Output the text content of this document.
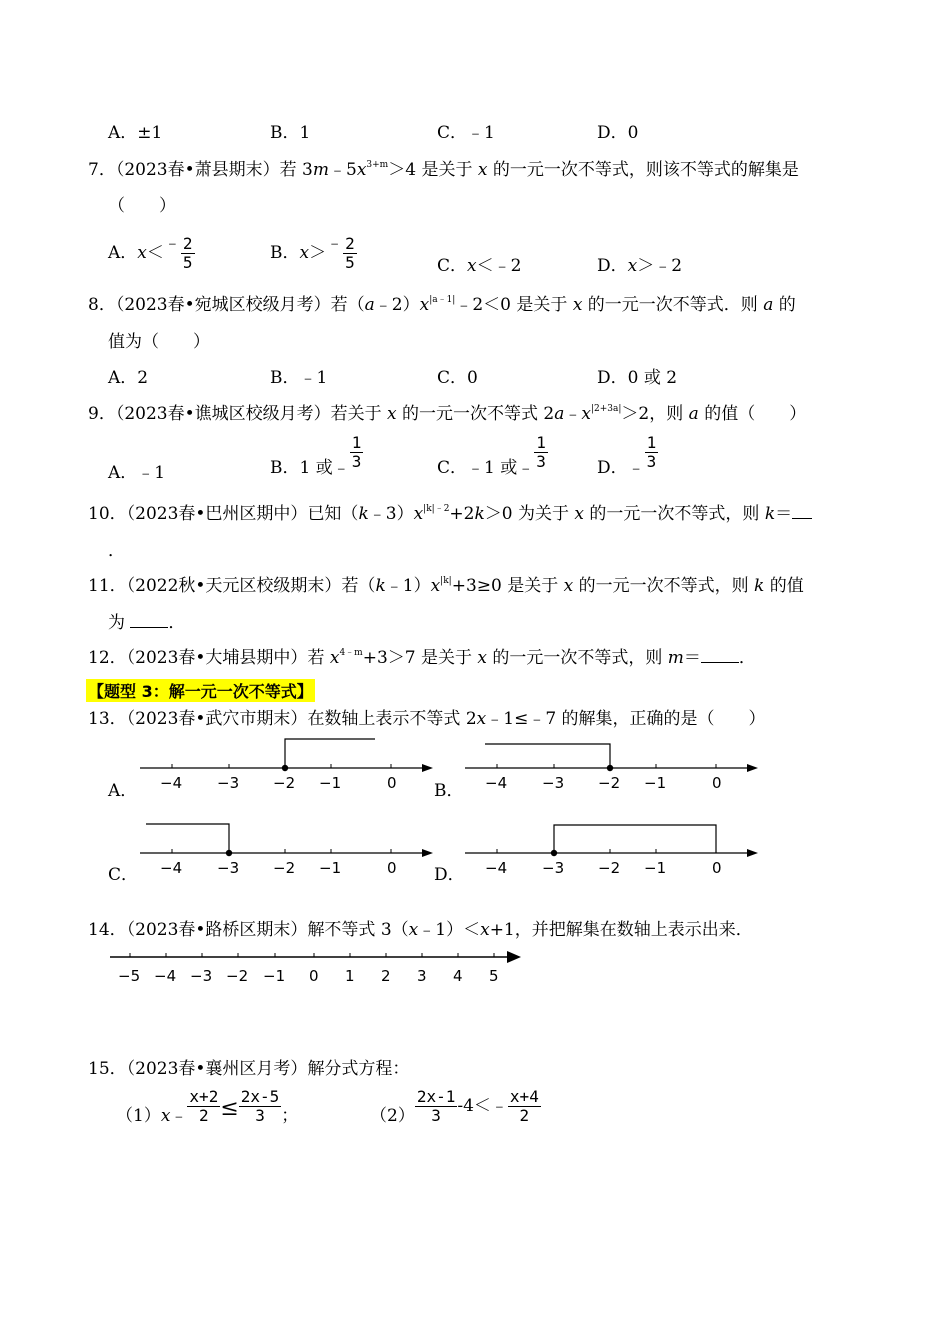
A．±1	B．1	C．﹣1	D．0
7．（2023春•萧县期末）若 $3m﹣5x^{3+m}>4$ 是关于 x 的一元一次不等式，则该不等式的解集是
（　　）
A．x＜﹣ $\frac{2}{5}$	B．x＞﹣ $\frac{2}{5}$	C．x＜﹣2	D．x＞﹣2
8．（2023春•宛城区校级月考）若$(a﹣2)x^{|a﹣1|}﹣2<0$ 是关于 x 的一元一次不等式．则 a 的
值为（　　）
A．2	B．﹣1	C．0	D．0 或 2
9．（2023春•谯城区校级月考）若关于 x 的一元一次不等式 $2a﹣x^{|2+3a|}>2$，则 a 的值（　　）
A．﹣1	B．1 或﹣ $\frac{1}{3}$	C．﹣1 或﹣ $\frac{1}{3}$	D．﹣ $\frac{1}{3}$
10．（2023春•巴州区期中）已知$(k﹣3)x^{|k|﹣2}+2k>0$ 为关于 x 的一元一次不等式，则 k＝
．
11．（2022秋•天元区校级期末）若$(k﹣1)x^{|k|}+3\ge 0$ 是关于 x 的一元一次不等式，则 k 的值
为 ．
12．（2023春•大埔县期中）若 $x^{4﹣m}+3>7$ 是关于 x 的一元一次不等式，则 m＝ ．
【题型 3：解一元一次不等式】
13．（2023春•武穴市期末）在数轴上表示不等式 2x﹣1≤﹣7 的解集，正确的是（　　）
A．	B．
C．	D．
−4 −3 −2 −1	0	−4 −3 −2 −1	0
−4 −3 −2 −1	0	−4 −3 −2 −1	0
14．（2023春•路桥区期末）解不等式 3（x﹣1）＜x+1，并把解集在数轴上表示出来．
−5 −4 −3 −2 −1 0 1 2 3 4 5
15．（2023春•襄州区月考）解分式方程：
（1）x﹣ $\frac{x+2}{2} \le \frac{2x-5}{3}$ ；	$(2) \frac{2x-1}{3}$ -4＜﹣ $\frac{x+4}{2}$
